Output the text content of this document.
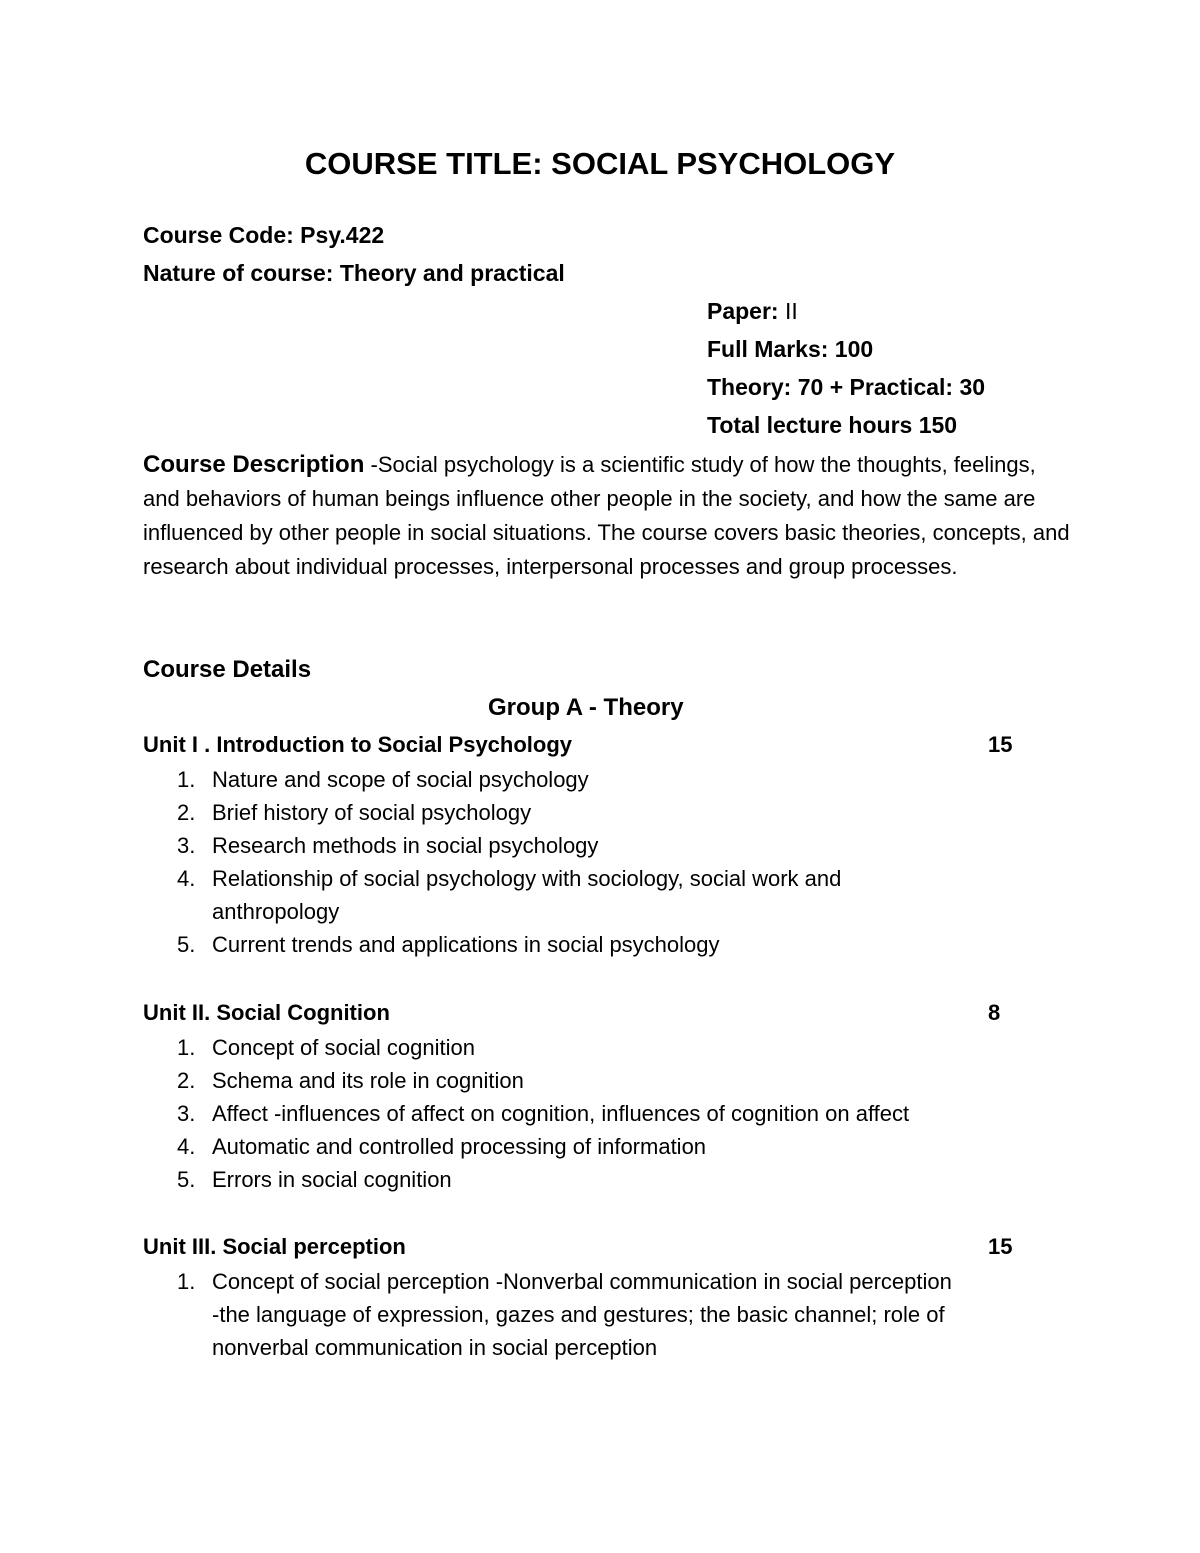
COURSE TITLE: SOCIAL PSYCHOLOGY
Course Code: Psy.422
Nature of course: Theory and practical
Paper: II
Full Marks: 100
Theory: 70 + Practical: 30
Total lecture hours 150
Course Description -Social psychology is a scientific study of how the thoughts, feelings, and behaviors of human beings influence other people in the society, and how the same are influenced by other people in social situations. The course covers basic theories, concepts, and research about individual processes, interpersonal processes and group processes.
Course Details
Group A - Theory
Unit I . Introduction to Social Psychology	15
1. Nature and scope of social psychology
2. Brief history of social psychology
3. Research methods in social psychology
4. Relationship of social psychology with sociology, social work and anthropology
5. Current trends and applications in social psychology
Unit II. Social Cognition	8
1. Concept of social cognition
2. Schema and its role in cognition
3. Affect -influences of affect on cognition, influences of cognition on affect
4. Automatic and controlled processing of information
5. Errors in social cognition
Unit III. Social perception	15
1. Concept of social perception -Nonverbal communication in social perception -the language of expression, gazes and gestures; the basic channel; role of nonverbal communication in social perception
